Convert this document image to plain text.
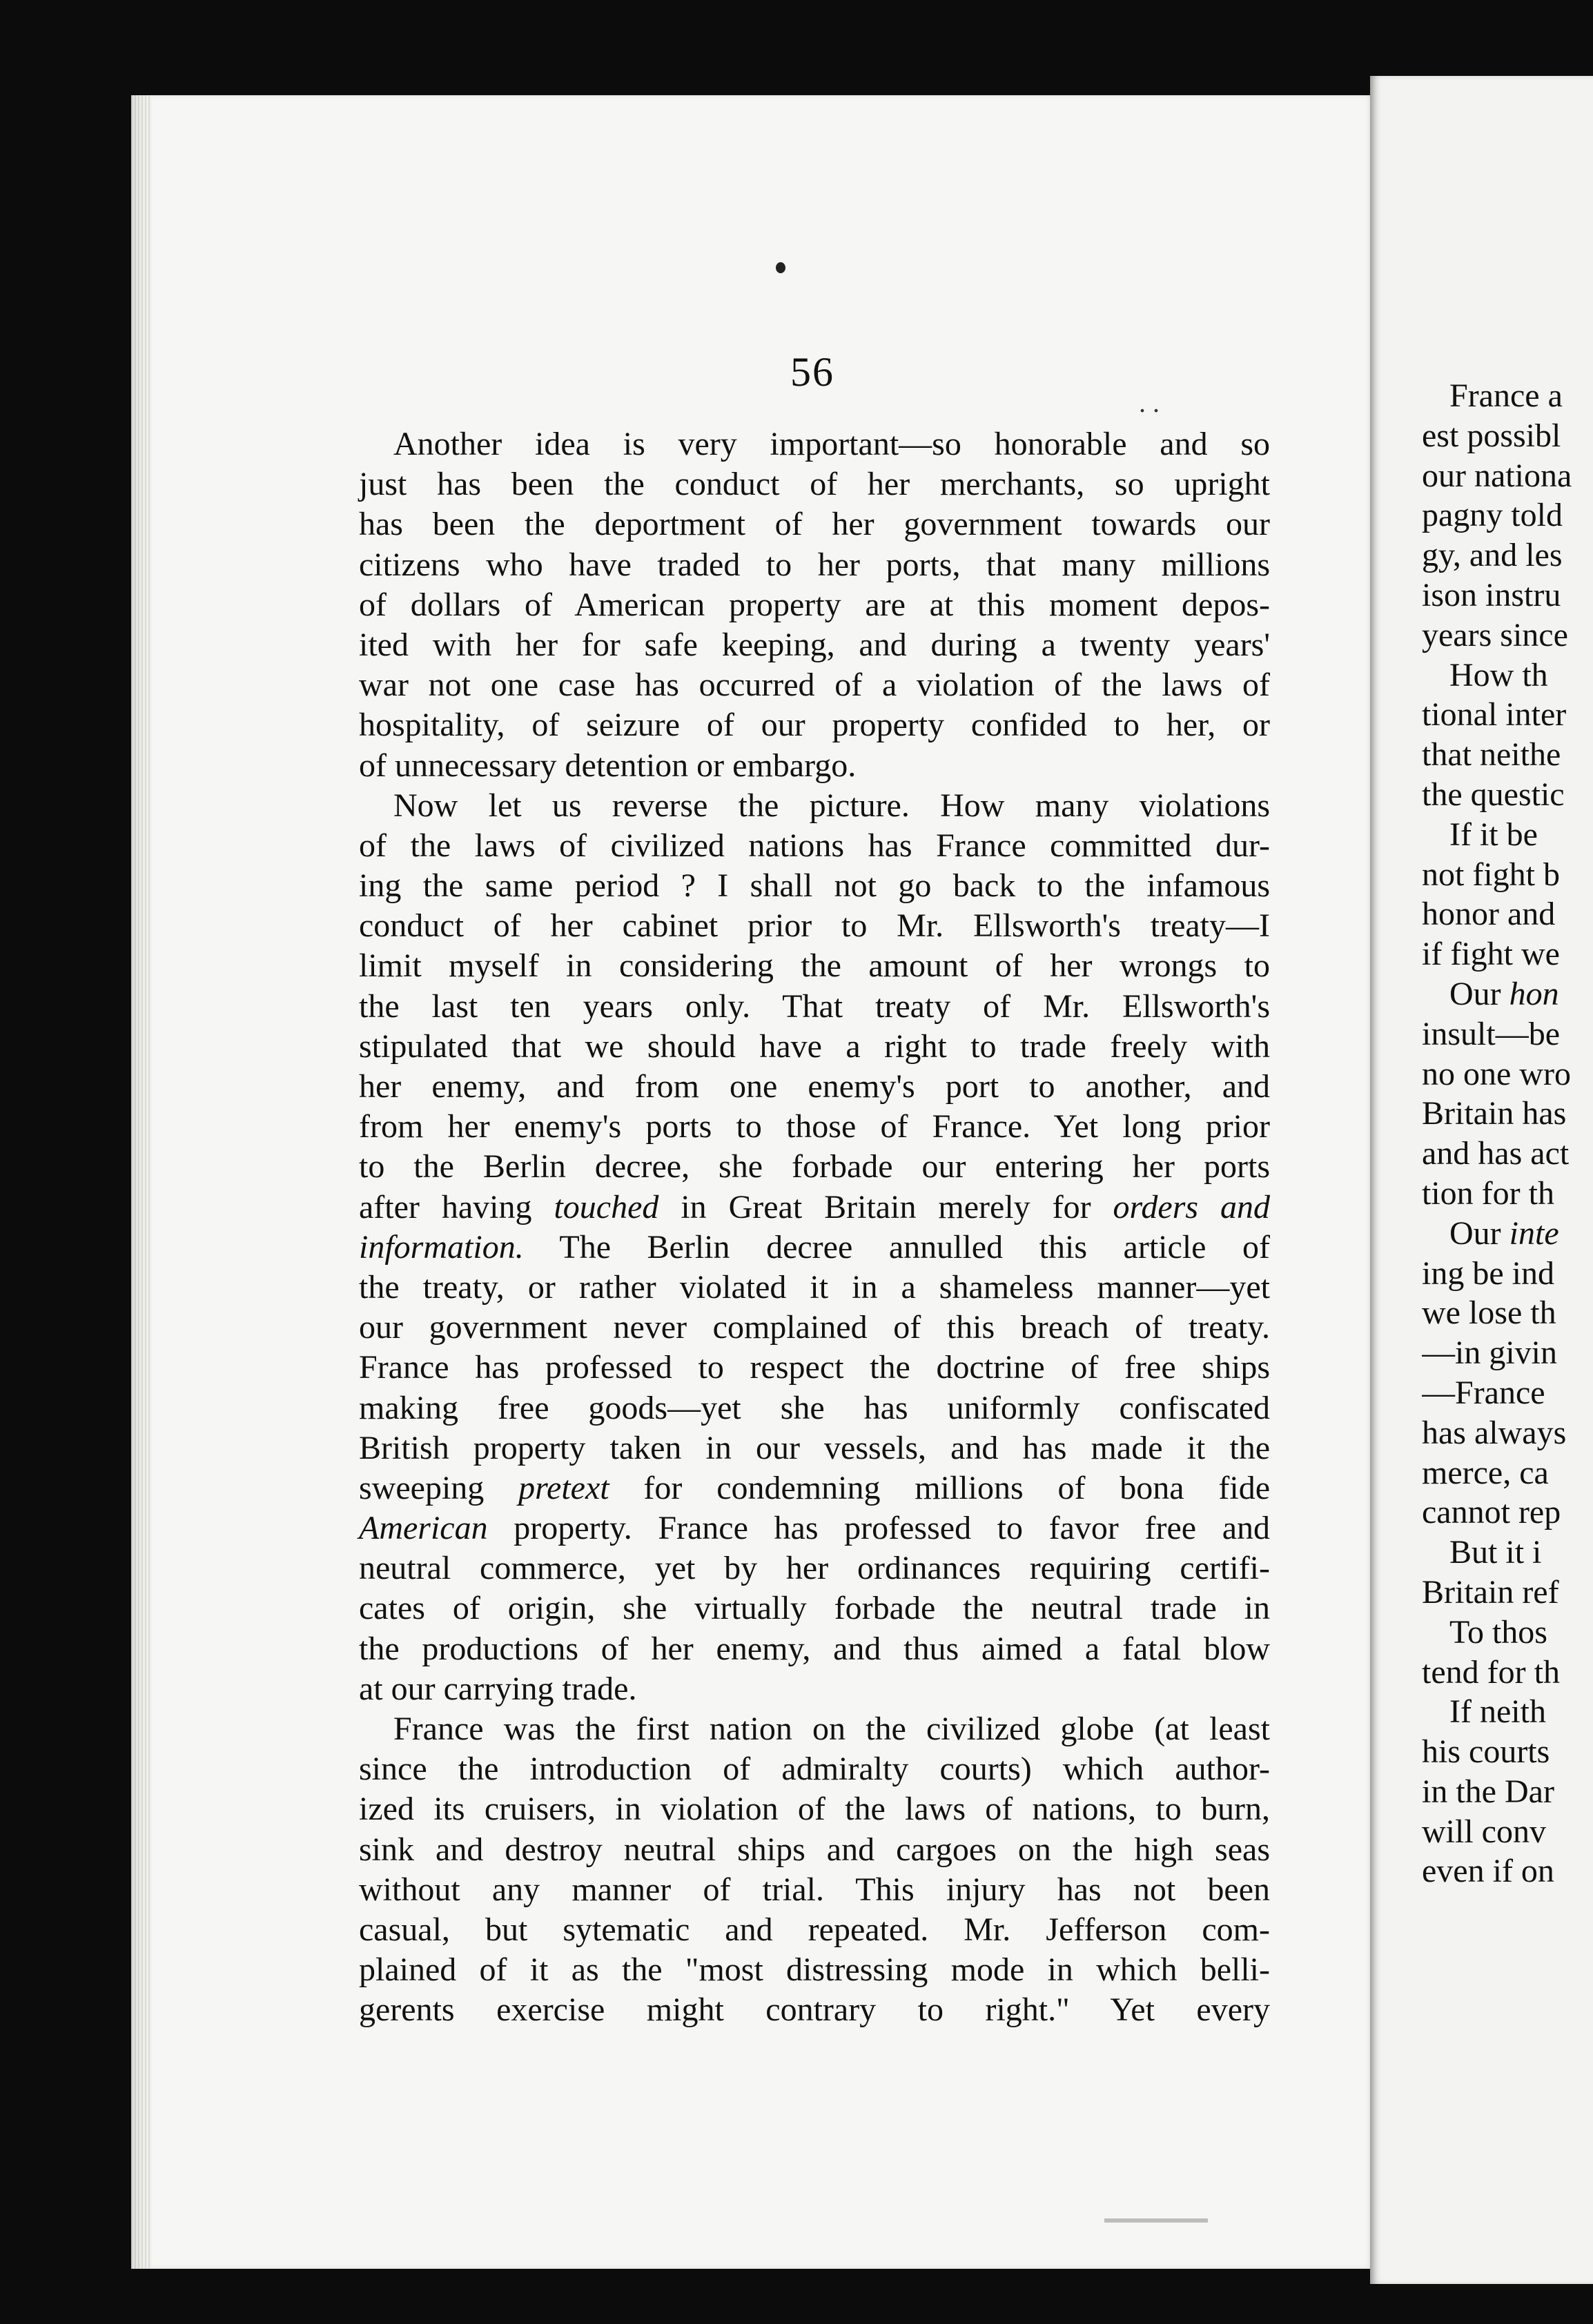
56
. .
Another idea is very important—so honorable and so
just has been the conduct of her merchants, so upright
has been the deportment of her government towards our
citizens who have traded to her ports, that many millions
of dollars of American property are at this moment depos-
ited with her for safe keeping, and during a twenty years'
war not one case has occurred of a violation of the laws of
hospitality, of seizure of our property confided to her, or
of unnecessary detention or embargo.
Now let us reverse the picture. How many violations
of the laws of civilized nations has France committed dur-
ing the same period ? I shall not go back to the infamous
conduct of her cabinet prior to Mr. Ellsworth's treaty—I
limit myself in considering the amount of her wrongs to
the last ten years only. That treaty of Mr. Ellsworth's
stipulated that we should have a right to trade freely with
her enemy, and from one enemy's port to another, and
from her enemy's ports to those of France. Yet long prior
to the Berlin decree, she forbade our entering her ports
after having touched in Great Britain merely for orders and
information. The Berlin decree annulled this article of
the treaty, or rather violated it in a shameless manner—yet
our government never complained of this breach of treaty.
France has professed to respect the doctrine of free ships
making free goods—yet she has uniformly confiscated
British property taken in our vessels, and has made it the
sweeping pretext for condemning millions of bona fide
American property. France has professed to favor free and
neutral commerce, yet by her ordinances requiring certifi-
cates of origin, she virtually forbade the neutral trade in
the productions of her enemy, and thus aimed a fatal blow
at our carrying trade.
France was the first nation on the civilized globe (at least
since the introduction of admiralty courts) which author-
ized its cruisers, in violation of the laws of nations, to burn,
sink and destroy neutral ships and cargoes on the high seas
without any manner of trial. This injury has not been
casual, but sytematic and repeated. Mr. Jefferson com-
plained of it as the "most distressing mode in which belli-
gerents exercise might contrary to right." Yet every
France a
est possibl
our nationa
pagny told
gy, and les
ison instru
years since
How th
tional inter
that neithe
the questic
If it be
not fight b
honor and
if fight we
Our hon
insult—be
no one wro
Britain has
and has act
tion for th
Our inte
ing be ind
we lose th
—in givin
—France
has always
merce, ca
cannot rep
But it i
Britain ref
To thos
tend for th
If neith
his courts
in the Dar
will conv
even if on
